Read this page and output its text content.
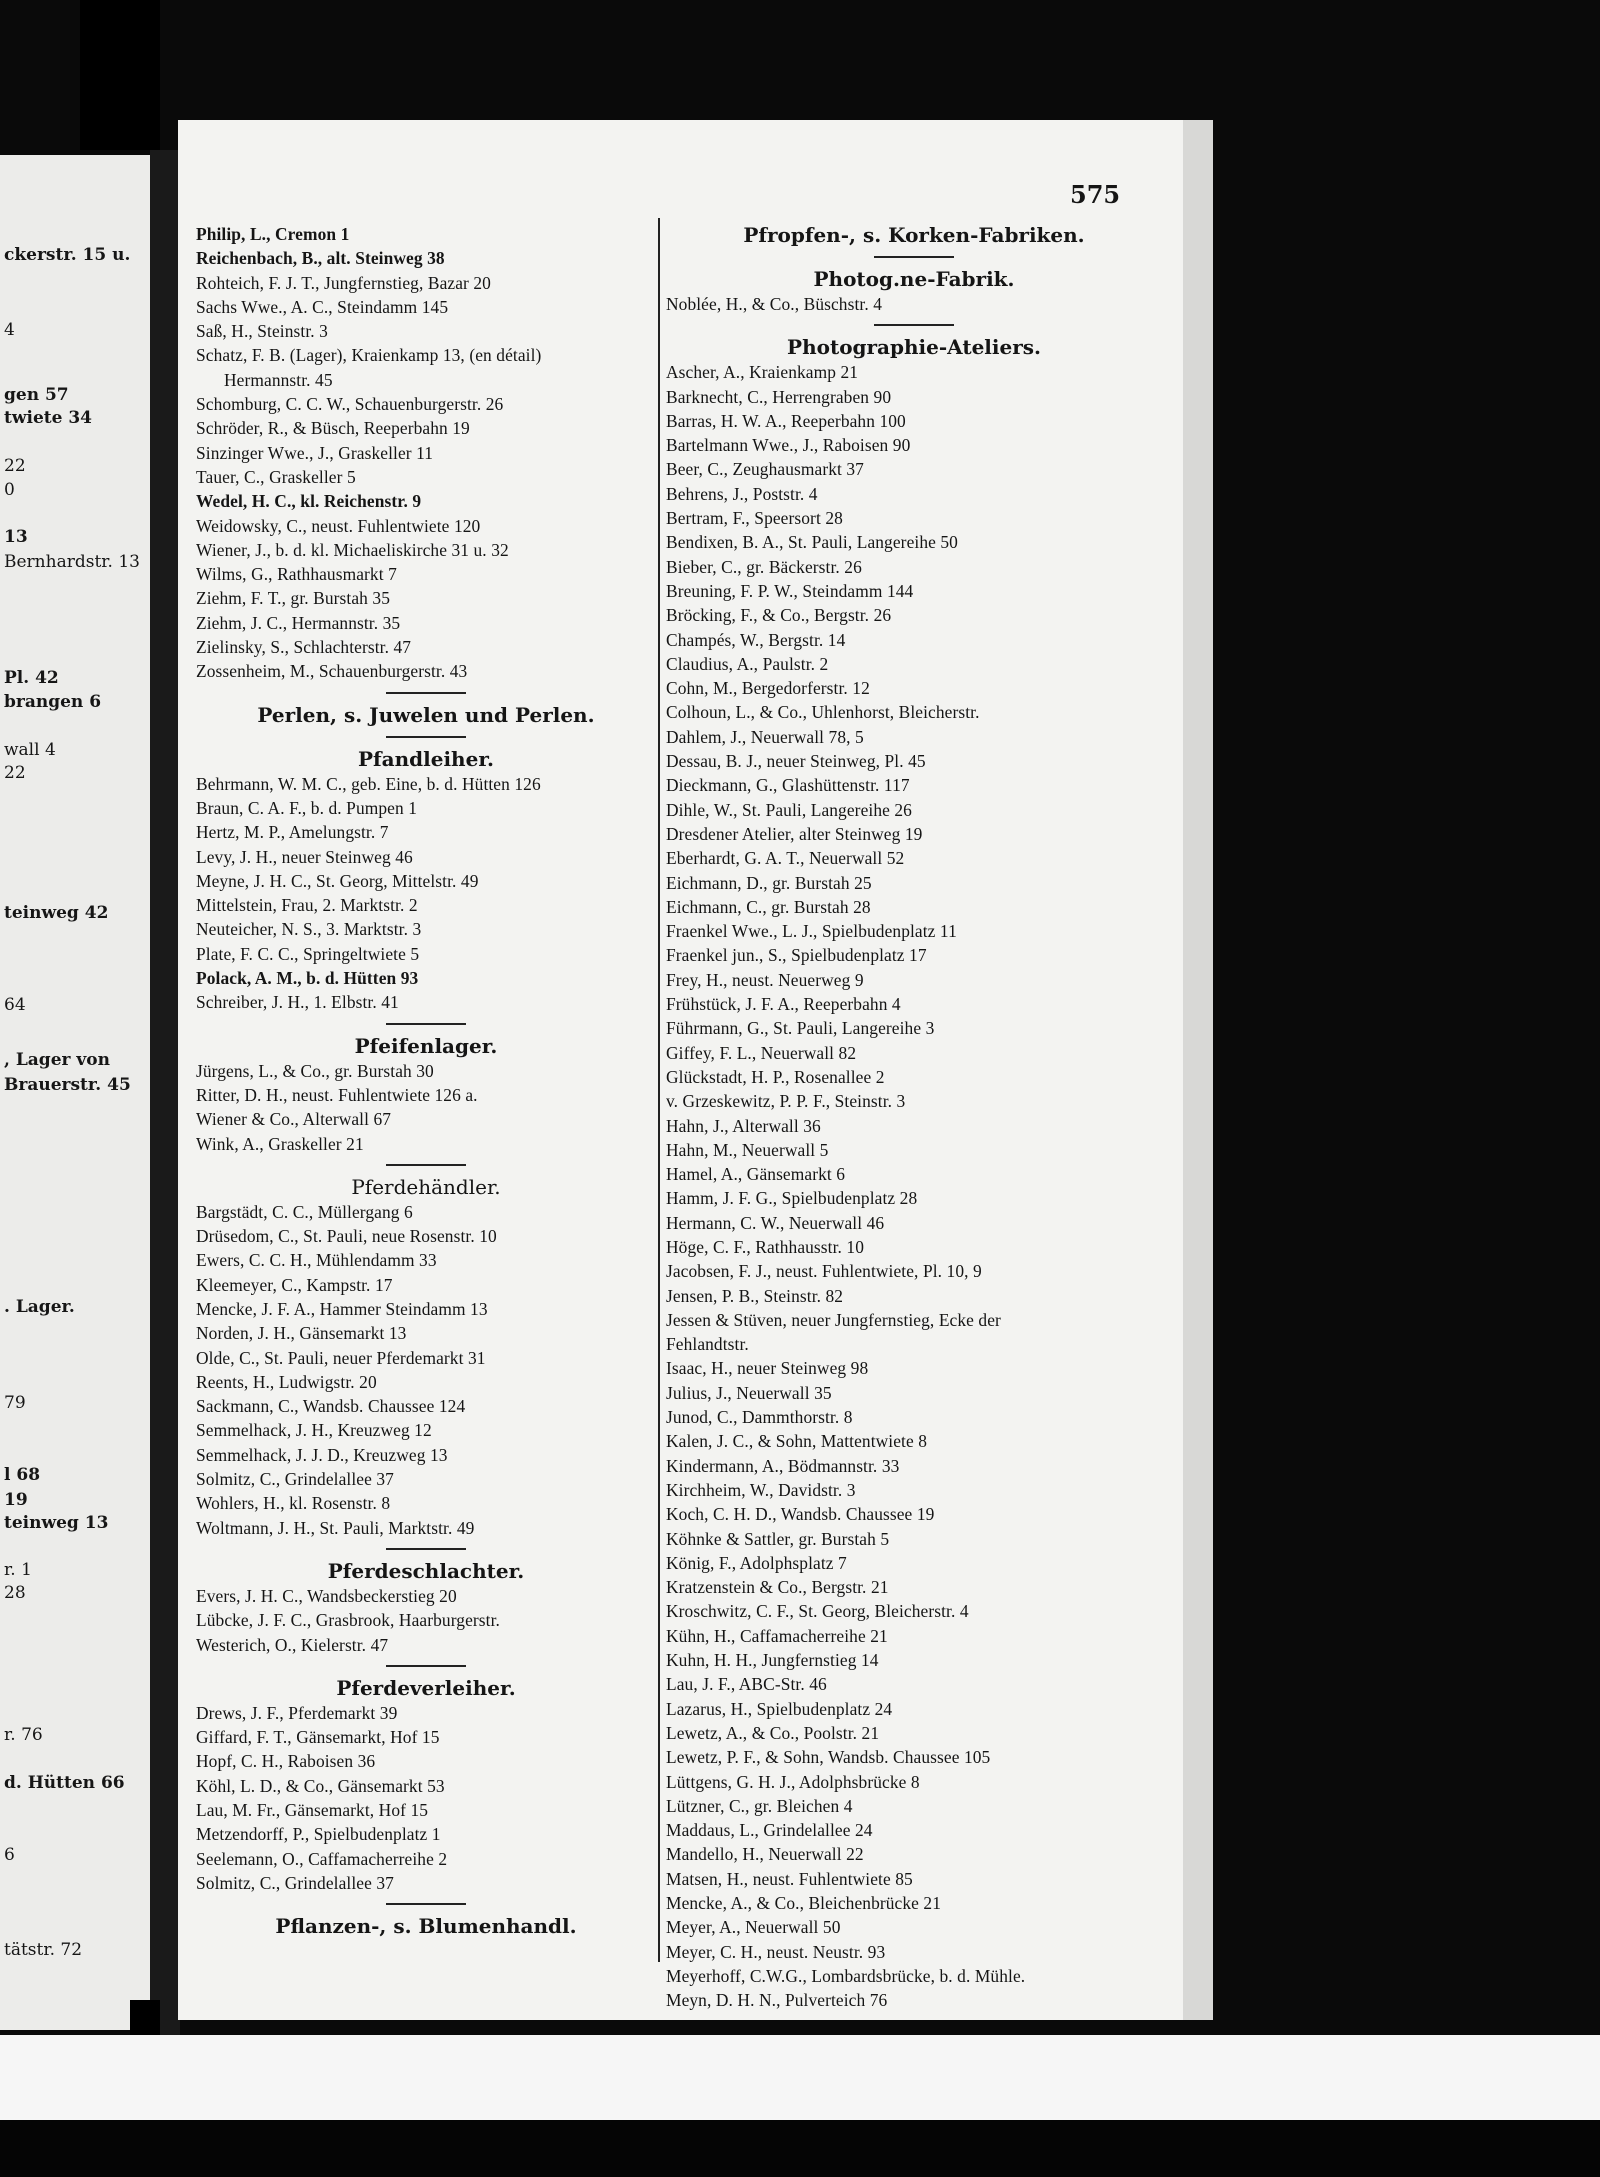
ckerstr. 15 u.
4
gen 57
twiete 34
22
0
13
Bernhardstr. 13
Pl. 42
brangen 6
wall 4
22
teinweg 42
64
, Lager von
Brauerstr. 45
. Lager.
79
l 68
19
teinweg 13
r. 1
28
r. 76
d. Hütten 66
6
tätstr. 72
575
Philip, L., Cremon 1
Reichenbach, B., alt. Steinweg 38
Rohteich, F. J. T., Jungfernstieg, Bazar 20
Sachs Wwe., A. C., Steindamm 145
Saß, H., Steinstr. 3
Schatz, F. B. (Lager), Kraienkamp 13, (en détail)
Hermannstr. 45
Schomburg, C. C. W., Schauenburgerstr. 26
Schröder, R., & Büsch, Reeperbahn 19
Sinzinger Wwe., J., Graskeller 11
Tauer, C., Graskeller 5
Wedel, H. C., kl. Reichenstr. 9
Weidowsky, C., neust. Fuhlentwiete 120
Wiener, J., b. d. kl. Michaeliskirche 31 u. 32
Wilms, G., Rathhausmarkt 7
Ziehm, F. T., gr. Burstah 35
Ziehm, J. C., Hermannstr. 35
Zielinsky, S., Schlachterstr. 47
Zossenheim, M., Schauenburgerstr. 43
Perlen, s. Juwelen und Perlen.
Pfandleiher.
Behrmann, W. M. C., geb. Eine, b. d. Hütten 126
Braun, C. A. F., b. d. Pumpen 1
Hertz, M. P., Amelungstr. 7
Levy, J. H., neuer Steinweg 46
Meyne, J. H. C., St. Georg, Mittelstr. 49
Mittelstein, Frau, 2. Marktstr. 2
Neuteicher, N. S., 3. Marktstr. 3
Plate, F. C. C., Springeltwiete 5
Polack, A. M., b. d. Hütten 93
Schreiber, J. H., 1. Elbstr. 41
Pfeifenlager.
Jürgens, L., & Co., gr. Burstah 30
Ritter, D. H., neust. Fuhlentwiete 126 a.
Wiener & Co., Alterwall 67
Wink, A., Graskeller 21
Pferdehändler.
Bargstädt, C. C., Müllergang 6
Drüsedom, C., St. Pauli, neue Rosenstr. 10
Ewers, C. C. H., Mühlendamm 33
Kleemeyer, C., Kampstr. 17
Mencke, J. F. A., Hammer Steindamm 13
Norden, J. H., Gänsemarkt 13
Olde, C., St. Pauli, neuer Pferdemarkt 31
Reents, H., Ludwigstr. 20
Sackmann, C., Wandsb. Chaussee 124
Semmelhack, J. H., Kreuzweg 12
Semmelhack, J. J. D., Kreuzweg 13
Solmitz, C., Grindelallee 37
Wohlers, H., kl. Rosenstr. 8
Woltmann, J. H., St. Pauli, Marktstr. 49
Pferdeschlachter.
Evers, J. H. C., Wandsbeckerstieg 20
Lübcke, J. F. C., Grasbrook, Haarburgerstr.
Westerich, O., Kielerstr. 47
Pferdeverleiher.
Drews, J. F., Pferdemarkt 39
Giffard, F. T., Gänsemarkt, Hof 15
Hopf, C. H., Raboisen 36
Köhl, L. D., & Co., Gänsemarkt 53
Lau, M. Fr., Gänsemarkt, Hof 15
Metzendorff, P., Spielbudenplatz 1
Seelemann, O., Caffamacherreihe 2
Solmitz, C., Grindelallee 37
Pflanzen-, s. Blumenhandl.
Pfropfen-, s. Korken-Fabriken.
Photog.ne-Fabrik.
Noblée, H., & Co., Büschstr. 4
Photographie-Ateliers.
Ascher, A., Kraienkamp 21
Barknecht, C., Herrengraben 90
Barras, H. W. A., Reeperbahn 100
Bartelmann Wwe., J., Raboisen 90
Beer, C., Zeughausmarkt 37
Behrens, J., Poststr. 4
Bertram, F., Speersort 28
Bendixen, B. A., St. Pauli, Langereihe 50
Bieber, C., gr. Bäckerstr. 26
Breuning, F. P. W., Steindamm 144
Bröcking, F., & Co., Bergstr. 26
Champés, W., Bergstr. 14
Claudius, A., Paulstr. 2
Cohn, M., Bergedorferstr. 12
Colhoun, L., & Co., Uhlenhorst, Bleicherstr.
Dahlem, J., Neuerwall 78, 5
Dessau, B. J., neuer Steinweg, Pl. 45
Dieckmann, G., Glashüttenstr. 117
Dihle, W., St. Pauli, Langereihe 26
Dresdener Atelier, alter Steinweg 19
Eberhardt, G. A. T., Neuerwall 52
Eichmann, D., gr. Burstah 25
Eichmann, C., gr. Burstah 28
Fraenkel Wwe., L. J., Spielbudenplatz 11
Fraenkel jun., S., Spielbudenplatz 17
Frey, H., neust. Neuerweg 9
Frühstück, J. F. A., Reeperbahn 4
Führmann, G., St. Pauli, Langereihe 3
Giffey, F. L., Neuerwall 82
Glückstadt, H. P., Rosenallee 2
v. Grzeskewitz, P. P. F., Steinstr. 3
Hahn, J., Alterwall 36
Hahn, M., Neuerwall 5
Hamel, A., Gänsemarkt 6
Hamm, J. F. G., Spielbudenplatz 28
Hermann, C. W., Neuerwall 46
Höge, C. F., Rathhausstr. 10
Jacobsen, F. J., neust. Fuhlentwiete, Pl. 10, 9
Jensen, P. B., Steinstr. 82
Jessen & Stüven, neuer Jungfernstieg, Ecke der
Fehlandtstr.
Isaac, H., neuer Steinweg 98
Julius, J., Neuerwall 35
Junod, C., Dammthorstr. 8
Kalen, J. C., & Sohn, Mattentwiete 8
Kindermann, A., Bödmannstr. 33
Kirchheim, W., Davidstr. 3
Koch, C. H. D., Wandsb. Chaussee 19
Köhnke & Sattler, gr. Burstah 5
König, F., Adolphsplatz 7
Kratzenstein & Co., Bergstr. 21
Kroschwitz, C. F., St. Georg, Bleicherstr. 4
Kühn, H., Caffamacherreihe 21
Kuhn, H. H., Jungfernstieg 14
Lau, J. F., ABC-Str. 46
Lazarus, H., Spielbudenplatz 24
Lewetz, A., & Co., Poolstr. 21
Lewetz, P. F., & Sohn, Wandsb. Chaussee 105
Lüttgens, G. H. J., Adolphsbrücke 8
Lützner, C., gr. Bleichen 4
Maddaus, L., Grindelallee 24
Mandello, H., Neuerwall 22
Matsen, H., neust. Fuhlentwiete 85
Mencke, A., & Co., Bleichenbrücke 21
Meyer, A., Neuerwall 50
Meyer, C. H., neust. Neustr. 93
Meyerhoff, C.W.G., Lombardsbrücke, b. d. Mühle.
Meyn, D. H. N., Pulverteich 76
